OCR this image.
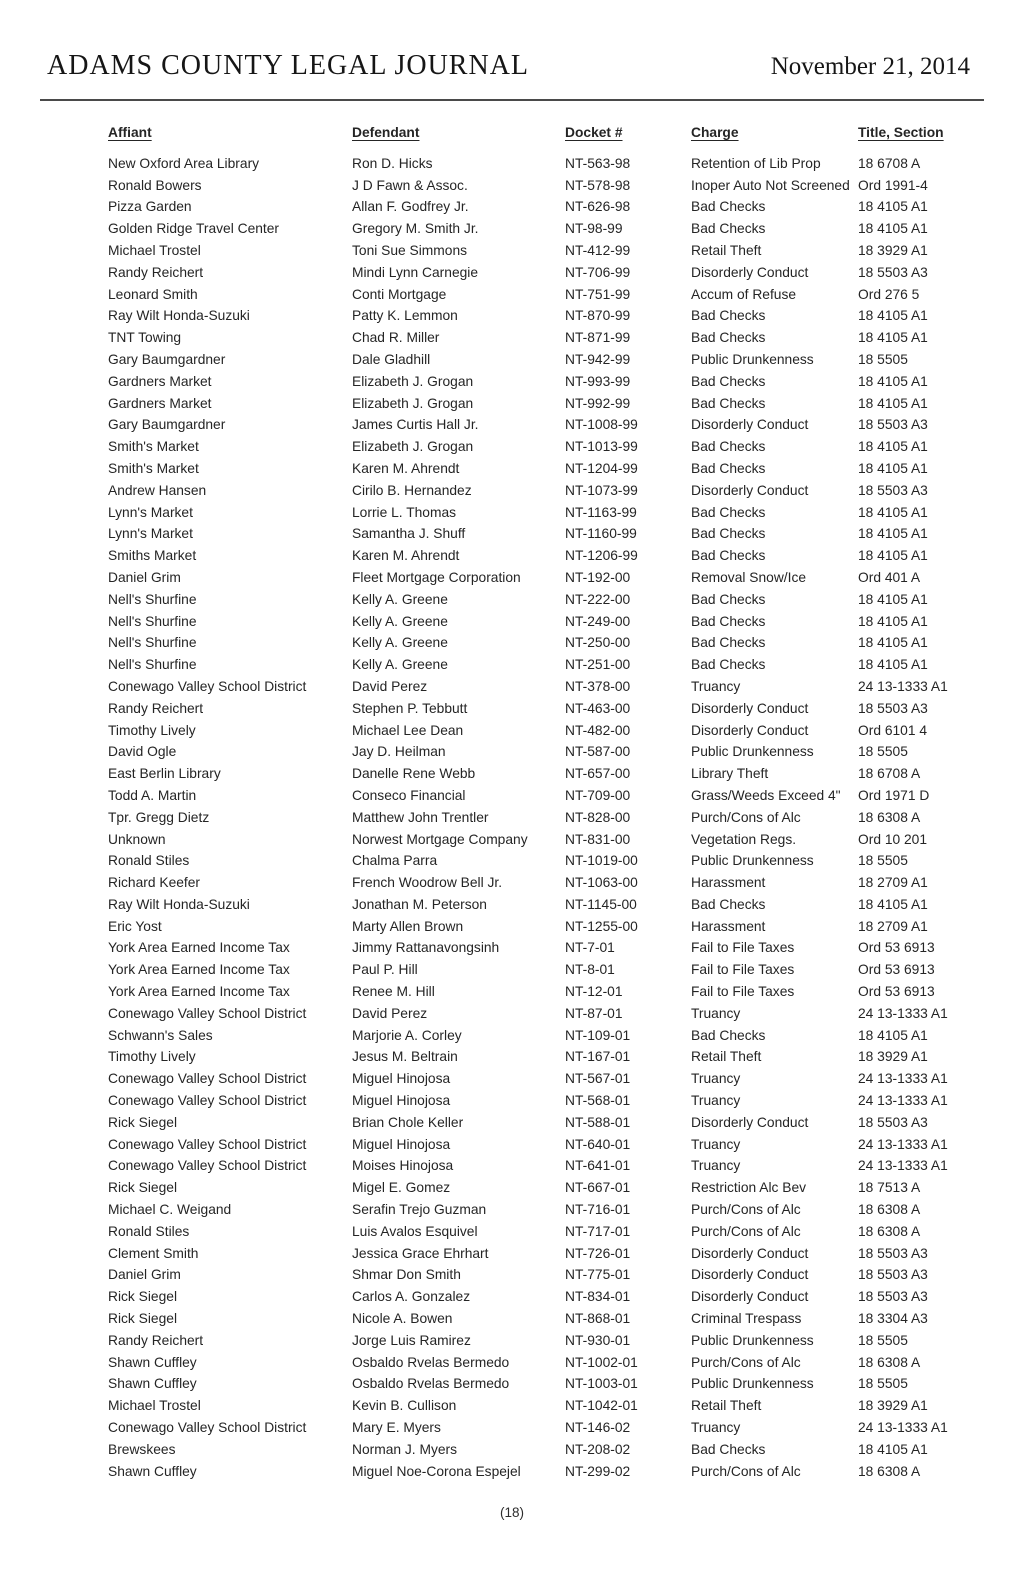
ADAMS COUNTY LEGAL JOURNAL	November 21, 2014
Affiant	Defendant	Docket #	Charge	Title, Section
New Oxford Area Library	Ron D. Hicks	NT-563-98	Retention of Lib Prop	18 6708 A
Ronald Bowers	J D Fawn & Assoc.	NT-578-98	Inoper Auto Not Screened Ord 1991-4
Pizza Garden	Allan F. Godfrey Jr.	NT-626-98	Bad Checks	18 4105 A1
Golden Ridge Travel Center	Gregory M. Smith Jr.	NT-98-99	Bad Checks	18 4105 A1
Michael Trostel	Toni Sue Simmons	NT-412-99	Retail Theft	18 3929 A1
Randy Reichert	Mindi Lynn Carnegie	NT-706-99	Disorderly Conduct	18 5503 A3
Leonard Smith	Conti Mortgage	NT-751-99	Accum of Refuse	Ord 276 5
Ray Wilt Honda-Suzuki	Patty K. Lemmon	NT-870-99	Bad Checks	18 4105 A1
TNT Towing	Chad R. Miller	NT-871-99	Bad Checks	18 4105 A1
Gary Baumgardner	Dale Gladhill	NT-942-99	Public Drunkenness	18 5505
Gardners Market	Elizabeth J. Grogan	NT-993-99	Bad Checks	18 4105 A1
Gardners Market	Elizabeth J. Grogan	NT-992-99	Bad Checks	18 4105 A1
Gary Baumgardner	James Curtis Hall Jr.	NT-1008-99	Disorderly Conduct	18 5503 A3
Smith's Market	Elizabeth J. Grogan	NT-1013-99	Bad Checks	18 4105 A1
Smith's Market	Karen M. Ahrendt	NT-1204-99	Bad Checks	18 4105 A1
Andrew Hansen	Cirilo B. Hernandez	NT-1073-99	Disorderly Conduct	18 5503 A3
Lynn's Market	Lorrie L. Thomas	NT-1163-99	Bad Checks	18 4105 A1
Lynn's Market	Samantha J. Shuff	NT-1160-99	Bad Checks	18 4105 A1
Smiths Market	Karen M. Ahrendt	NT-1206-99	Bad Checks	18 4105 A1
Daniel Grim	Fleet Mortgage Corporation	NT-192-00	Removal Snow/Ice	Ord 401 A
Nell's Shurfine	Kelly A. Greene	NT-222-00	Bad Checks	18 4105 A1
Nell's Shurfine	Kelly A. Greene	NT-249-00	Bad Checks	18 4105 A1
Nell's Shurfine	Kelly A. Greene	NT-250-00	Bad Checks	18 4105 A1
Nell's Shurfine	Kelly A. Greene	NT-251-00	Bad Checks	18 4105 A1
Conewago Valley School District	David Perez	NT-378-00	Truancy	24 13-1333 A1
Randy Reichert	Stephen P. Tebbutt	NT-463-00	Disorderly Conduct	18 5503 A3
Timothy Lively	Michael Lee Dean	NT-482-00	Disorderly Conduct	Ord 6101 4
David Ogle	Jay D. Heilman	NT-587-00	Public Drunkenness	18 5505
East Berlin Library	Danelle Rene Webb	NT-657-00	Library Theft	18 6708 A
Todd A. Martin	Conseco Financial	NT-709-00	Grass/Weeds Exceed 4"	Ord 1971 D
Tpr. Gregg Dietz	Matthew John Trentler	NT-828-00	Purch/Cons of Alc	18 6308 A
Unknown	Norwest Mortgage Company	NT-831-00	Vegetation Regs.	Ord 10 201
Ronald Stiles	Chalma Parra	NT-1019-00	Public Drunkenness	18 5505
Richard Keefer	French Woodrow Bell Jr.	NT-1063-00	Harassment	18 2709 A1
Ray Wilt Honda-Suzuki	Jonathan M. Peterson	NT-1145-00	Bad Checks	18 4105 A1
Eric Yost	Marty Allen Brown	NT-1255-00	Harassment	18 2709 A1
York Area Earned Income Tax	Jimmy Rattanavongsinh	NT-7-01	Fail to File Taxes	Ord 53 6913
York Area Earned Income Tax	Paul P. Hill	NT-8-01	Fail to File Taxes	Ord 53 6913
York Area Earned Income Tax	Renee M. Hill	NT-12-01	Fail to File Taxes	Ord 53 6913
Conewago Valley School District	David Perez	NT-87-01	Truancy	24 13-1333 A1
Schwann's Sales	Marjorie A. Corley	NT-109-01	Bad Checks	18 4105 A1
Timothy Lively	Jesus M. Beltrain	NT-167-01	Retail Theft	18 3929 A1
Conewago Valley School District	Miguel Hinojosa	NT-567-01	Truancy	24 13-1333 A1
Conewago Valley School District	Miguel Hinojosa	NT-568-01	Truancy	24 13-1333 A1
Rick Siegel	Brian Chole Keller	NT-588-01	Disorderly Conduct	18 5503 A3
Conewago Valley School District	Miguel Hinojosa	NT-640-01	Truancy	24 13-1333 A1
Conewago Valley School District	Moises Hinojosa	NT-641-01	Truancy	24 13-1333 A1
Rick Siegel	Migel E. Gomez	NT-667-01	Restriction Alc Bev	18 7513 A
Michael C. Weigand	Serafin Trejo Guzman	NT-716-01	Purch/Cons of Alc	18 6308 A
Ronald Stiles	Luis Avalos Esquivel	NT-717-01	Purch/Cons of Alc	18 6308 A
Clement Smith	Jessica Grace Ehrhart	NT-726-01	Disorderly Conduct	18 5503 A3
Daniel Grim	Shmar Don Smith	NT-775-01	Disorderly Conduct	18 5503 A3
Rick Siegel	Carlos A. Gonzalez	NT-834-01	Disorderly Conduct	18 5503 A3
Rick Siegel	Nicole A. Bowen	NT-868-01	Criminal Trespass	18 3304 A3
Randy Reichert	Jorge Luis Ramirez	NT-930-01	Public Drunkenness	18 5505
Shawn Cuffley	Osbaldo Rvelas Bermedo	NT-1002-01	Purch/Cons of Alc	18 6308 A
Shawn Cuffley	Osbaldo Rvelas Bermedo	NT-1003-01	Public Drunkenness	18 5505
Michael Trostel	Kevin B. Cullison	NT-1042-01	Retail Theft	18 3929 A1
Conewago Valley School District	Mary E. Myers	NT-146-02	Truancy	24 13-1333 A1
Brewskees	Norman J. Myers	NT-208-02	Bad Checks	18 4105 A1
Shawn Cuffley	Miguel Noe-Corona Espejel	NT-299-02	Purch/Cons of Alc	18 6308 A
(18)
